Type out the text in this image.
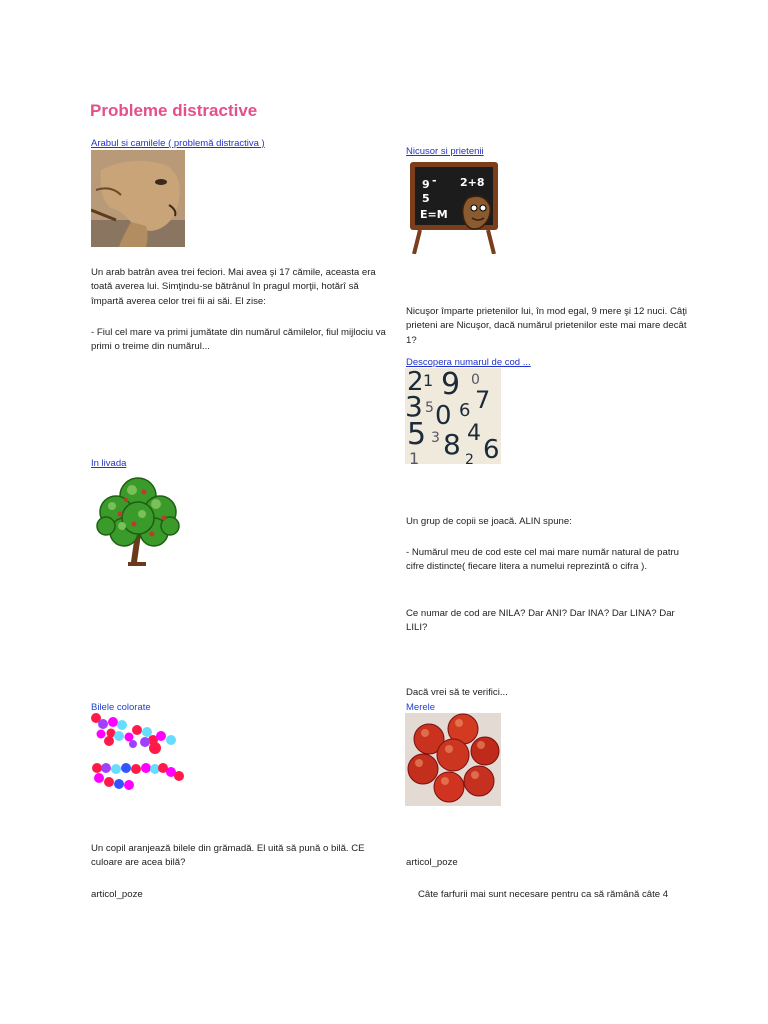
Probleme distractive
Arabul si camilele ( problemă distractiva )
Un arab batrân avea trei feciori. Mai avea şi 17 cămile, aceasta era toată averea lui. Simţindu-se bătrânul în pragul morţii, hotărî să împartă averea celor trei fii ai săi. El zise:
- Fiul cel mare va primi jumătate din numărul cămilelor, fiul mijlociu va primi o treime din numărul...
In livada
Bilele colorate
Un copil aranjează bilele din grămadă. El uită să pună o bilă. CE culoare are acea bilă?
articol_poze
Nicusor si prietenii
9 -
5
E=M
2+8
Nicuşor împarte prietenilor lui, în mod egal, 9 mere şi 12 nuci. Câţi prieteni are Nicuşor, dacă numărul prietenilor este mai mare decât 1?
Descopera numarul de cod ...
2 1 9 0
7
3 5 0 6
5 3 8 4
6
1	2
Un grup de copii se joacă. ALIN spune:
- Numărul meu de cod este cel mai mare număr natural de patru cifre distincte( fiecare litera a numelui reprezintă o cifra ).
Ce numar de cod are NILA? Dar ANI? Dar INA? Dar LINA? Dar LILI?
Dacă vrei să te verifici...
Merele
articol_poze
Câte farfurii mai sunt necesare pentru ca să rămână câte 4
